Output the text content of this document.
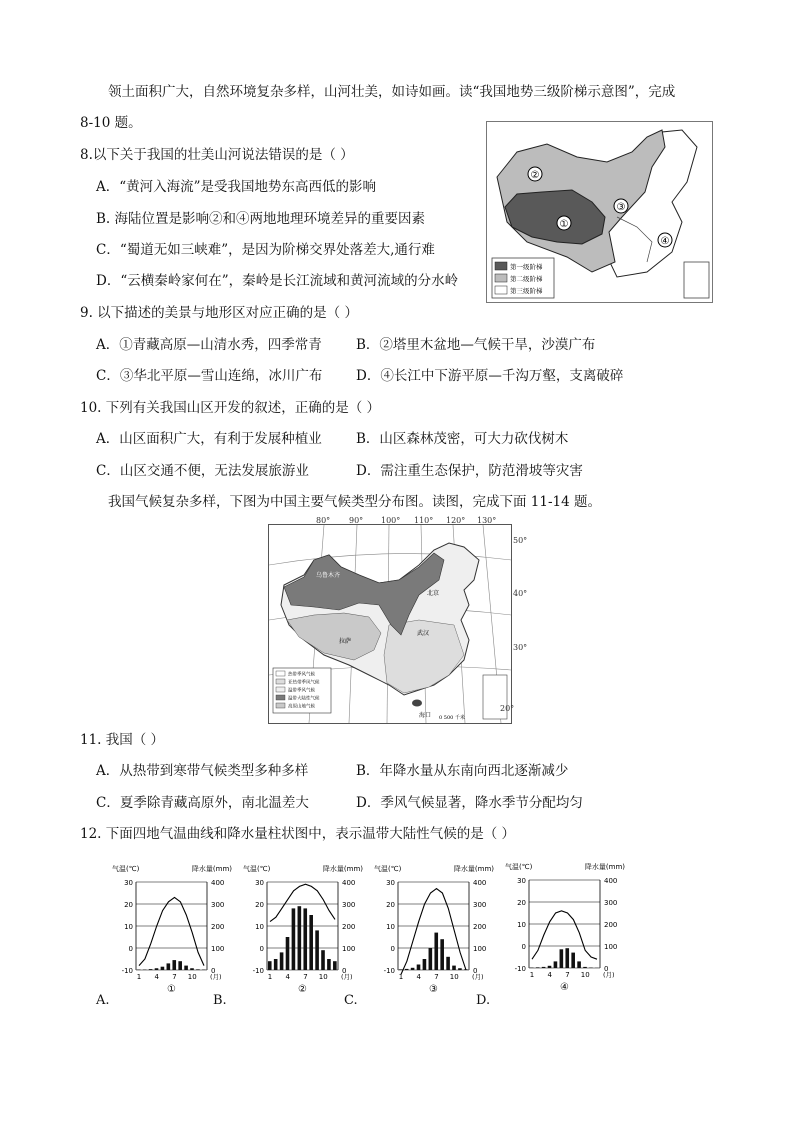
领土面积广大，自然环境复杂多样，山河壮美，如诗如画。读“我国地势三级阶梯示意图”，完成
8-10 题。
8.以下关于我国的壮美山河说法错误的是（ ）
A．“黄河入海流”是受我国地势东高西低的影响
B. 海陆位置是影响②和④两地地理环境差异的重要因素
C．“蜀道无如三峡难”，是因为阶梯交界处落差大,通行难
D．“云横秦岭家何在”，秦岭是长江流域和黄河流域的分水岭
①
②
③
④
第一级阶梯
第二级阶梯
第三级阶梯
9. 以下描述的美景与地形区对应正确的是（ ）
A．①青藏高原—山清水秀，四季常青	B．②塔里木盆地—气候干旱，沙漠广布
C．③华北平原—雪山连绵，冰川广布 D．④长江中下游平原—千沟万壑，支离破碎
10. 下列有关我国山区开发的叙述，正确的是（ ）
A．山区面积广大，有利于发展种植业	B．山区森林茂密，可大力砍伐树木
C．山区交通不便，无法发展旅游业	D．需注重生态保护，防范滑坡等灾害
我国气候复杂多样，下图为中国主要气候类型分布图。读图，完成下面 11-14 题。
乌鲁木齐
北京
拉萨
武汉
海口
热带季风气候
亚热带季风气候
温带季风气候
温带大陆性气候
高原山地气候
0 500 千米
80° 90° 100° 110° 120° 130°
50°
40°
30°
20°
11. 我国（ ）
A．从热带到寒带气候类型多种多样	B．年降水量从东南向西北逐渐减少
C．夏季除青藏高原外，南北温差大	D．季风气候显著，降水季节分配均匀
12. 下面四地气温曲线和降水量柱状图中，表示温带大陆性气候的是（ ）
气温(℃)	降水量(mm)
30	400
20	300
10	200
0	100
-10	0
1 4 7 10 (月)
①
气温(℃)	降水量(mm)
30	400
20	300
10	200
0	100
-10	0
1 4 7 10 (月)
②
气温(℃)	降水量(mm)
30	400
20	300
10	200
0	100
-10	0
1 4 7 10 (月)
③
气温(℃)	降水量(mm)
30	400
20	300
10	200
0	100
-10	0
1 4 7 10 (月)
④
A.	B.	C.	D.
